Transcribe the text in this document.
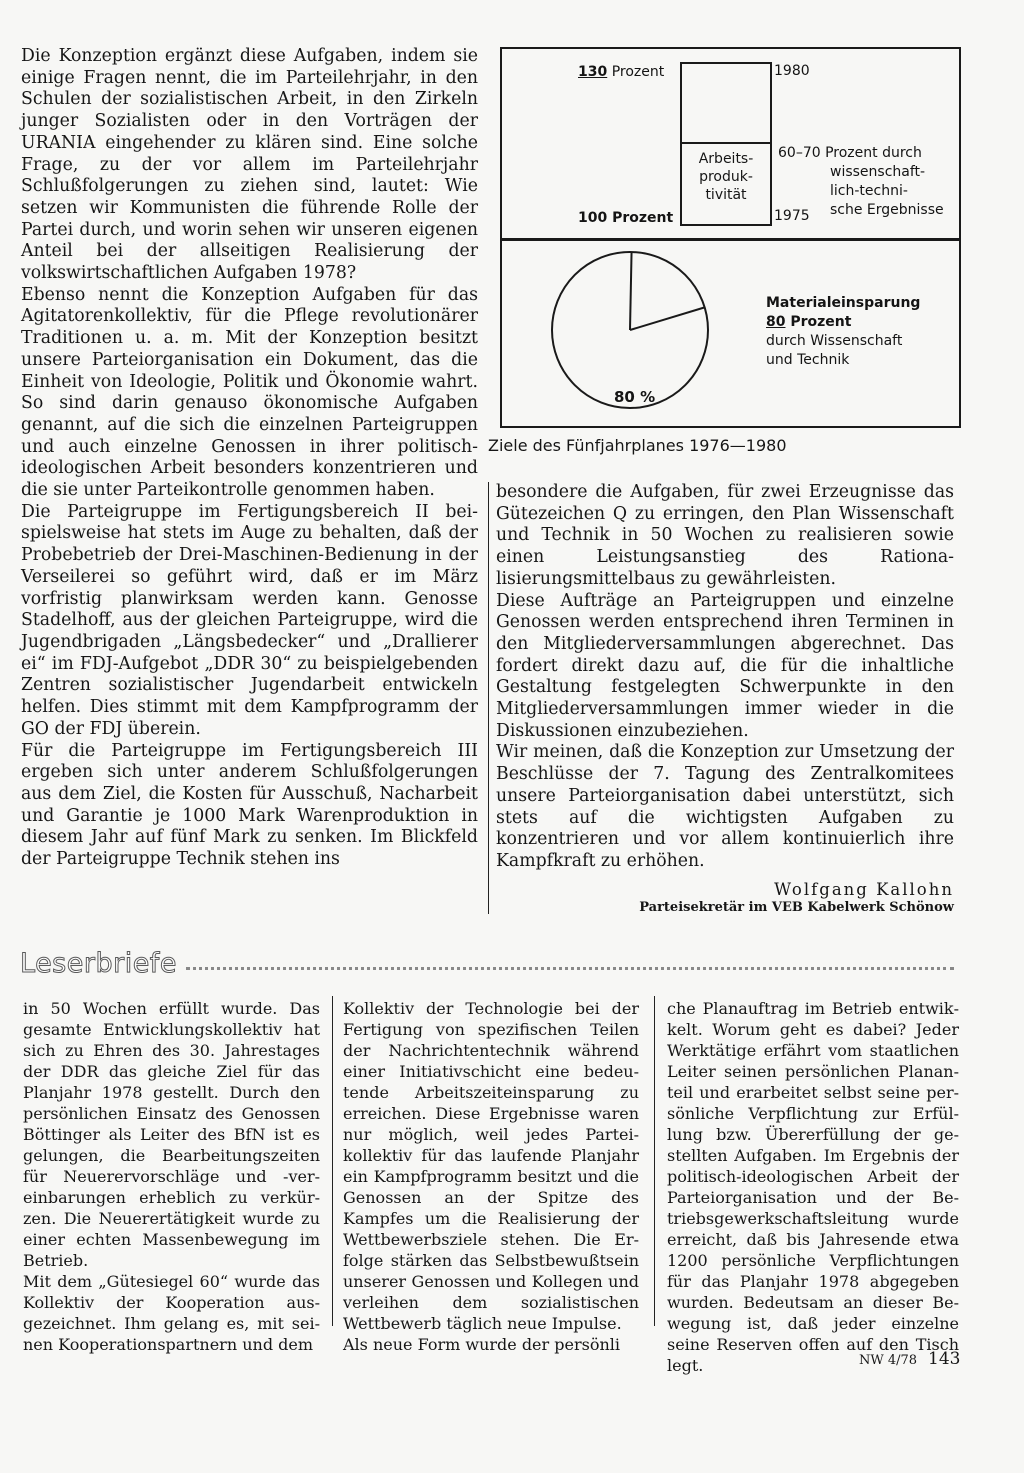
Die Konzeption ergänzt diese Aufgaben, indem sie einige Fragen nennt, die im Parteilehrjahr, in den Schulen der sozialistischen Arbeit, in den Zirkeln junger Sozialisten oder in den Vorträgen der URANIA eingehender zu klären sind. Eine solche Frage, zu der vor allem im Parteilehrjahr Schlußfolgerungen zu ziehen sind, lautet: Wie setzen wir Kommunisten die führende Rolle der Partei durch, und worin sehen wir unseren eigenen Anteil bei der allseitigen Realisierung der volkswirtschaftlichen Aufgaben 1978?

Ebenso nennt die Konzeption Aufgaben für das Agitatorenkollektiv, für die Pflege revolutionärer Traditionen u. a. m. Mit der Konzeption besitzt unsere Parteiorganisation ein Dokument, das die Einheit von Ideologie, Politik und Ökonomie wahrt. So sind darin genauso ökonomische Aufgaben genannt, auf die sich die einzelnen Parteigruppen und auch einzelne Genossen in ihrer politisch-ideologischen Arbeit besonders konzentrieren und die sie unter Parteikontrolle genommen haben.

Die Parteigruppe im Fertigungsbereich II beispielsweise hat stets im Auge zu behalten, daß der Probebetrieb der Drei-Maschinen-Bedienung in der Verseilerei so geführt wird, daß er im März vorfristig planwirksam werden kann. Genosse Stadelhoff, aus der gleichen Parteigruppe, wird die Jugendbrigaden „Längsbedecker“ und „Drallierer ei“ im FDJ-Aufgebot „DDR 30“ zu beispielgebenden Zentren sozialistischer Jugendarbeit entwickeln helfen. Dies stimmt mit dem Kampfprogramm der GO der FDJ überein.

Für die Parteigruppe im Fertigungsbereich III ergeben sich unter anderem Schlußfolgerungen aus dem Ziel, die Kosten für Ausschuß, Nacharbeit und Garantie je 1000 Mark Warenproduktion in diesem Jahr auf fünf Mark zu senken. Im Blickfeld der Parteigruppe Technik stehen ins

130 Prozent
100 Prozent
Arbeits-
produk-
tivität
1980
1975
60–70 Prozent durch
wissenschaft-
lich-techni-
sche Ergebnisse
80 %
Materialeinsparung
80 Prozent
durch Wissenschaft
und Technik
Ziele des Fünfjahrplanes 1976—1980

besondere die Aufgaben, für zwei Erzeugnisse das Gütezeichen Q zu erringen, den Plan Wissenschaft und Technik in 50 Wochen zu realisieren sowie einen Leistungsanstieg des Rationalisierungsmittelbaus zu gewährleisten.

Diese Aufträge an Parteigruppen und einzelne Genossen werden entsprechend ihren Terminen in den Mitgliederversammlungen abgerechnet. Das fordert direkt dazu auf, die für die inhaltliche Gestaltung festgelegten Schwerpunkte in den Mitgliederversammlungen immer wieder in die Diskussionen einzubeziehen.

Wir meinen, daß die Konzeption zur Umsetzung der Beschlüsse der 7. Tagung des Zentralkomitees unsere Parteiorganisation dabei unterstützt, sich stets auf die wichtigsten Aufgaben zu konzentrieren und vor allem kontinuierlich ihre Kampfkraft zu erhöhen.

Wolfgang Kallohn
Parteisekretär im VEB Kabelwerk Schönow
Leserbriefe

in 50 Wochen erfüllt wurde. Das gesamte Entwicklungskollektiv hat sich zu Ehren des 30. Jahrestages der DDR das gleiche Ziel für das Planjahr 1978 gestellt. Durch den persönlichen Einsatz des Genossen Böttinger als Leiter des BfN ist es gelungen, die Bearbeitungszeiten für Neuerervorschläge und -vereinbarungen erheblich zu verkürzen. Die Neuerertätigkeit wurde zu einer echten Massenbewegung im Betrieb.

Mit dem „Gütesiegel 60“ wurde das Kollektiv der Kooperation ausgezeichnet. Ihm gelang es, mit seinen Kooperationspartnern und dem

Kollektiv der Technologie bei der Fertigung von spezifischen Teilen der Nachrichtentechnik während einer Initiativschicht eine bedeutende Arbeitszeiteinsparung zu erreichen. Diese Ergebnisse waren nur möglich, weil jedes Parteikollektiv für das laufende Planjahr ein Kampfprogramm besitzt und die Genossen an der Spitze des Kampfes um die Realisierung der Wettbewerbsziele stehen. Die Erfolge stärken das Selbstbewußtsein unserer Genossen und Kollegen und verleihen dem sozialistischen Wettbewerb täglich neue Impulse.

Als neue Form wurde der persönli

che Planauftrag im Betrieb entwikkelt. Worum geht es dabei? Jeder Werktätige erfährt vom staatlichen Leiter seinen persönlichen Plananteil und erarbeitet selbst seine persönliche Verpflichtung zur Erfüllung bzw. Übererfüllung der gestellten Aufgaben. Im Ergebnis der politisch-ideologischen Arbeit der Parteiorganisation und der Betriebsgewerkschaftsleitung wurde erreicht, daß bis Jahresende etwa 1200 persönliche Verpflichtungen für das Planjahr 1978 abgegeben wurden. Bedeutsam an dieser Bewegung ist, daß jeder einzelne seine Reserven offen auf den Tisch legt.	NW 4/78 143
